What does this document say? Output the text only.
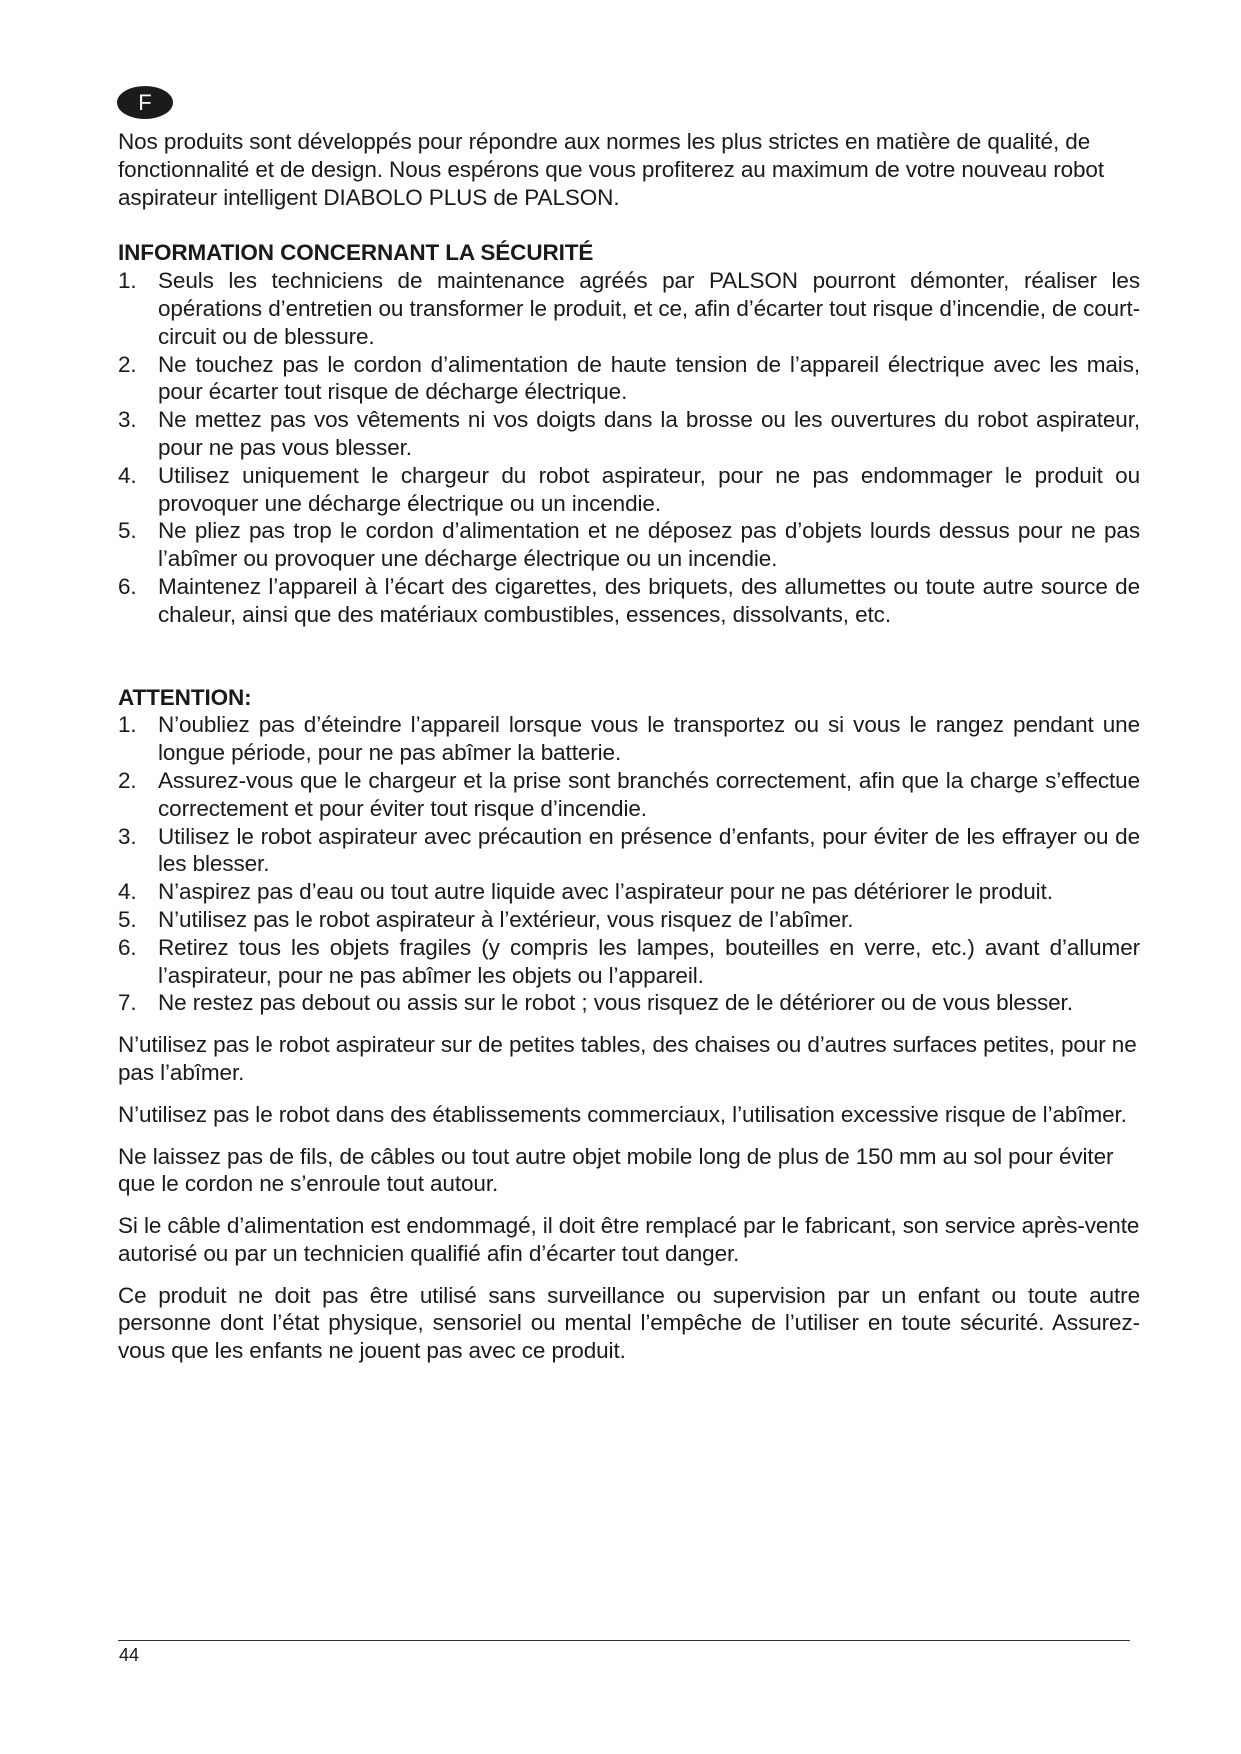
F

Nos produits sont développés pour répondre aux normes les plus strictes en matière de qualité, de fonctionnalité et de design. Nous espérons que vous profiterez au maximum de votre nouveau robot aspirateur intelligent DIABOLO PLUS de PALSON.

INFORMATION CONCERNANT LA SÉCURITÉ
1. Seuls les techniciens de maintenance agréés par PALSON pourront démonter, réaliser les opérations d’entretien ou transformer le produit, et ce, afin d’écarter tout risque d’incendie, de court-circuit ou de blessure.
2. Ne touchez pas le cordon d’alimentation de haute tension de l’appareil électrique avec les mais, pour écarter tout risque de décharge électrique.
3. Ne mettez pas vos vêtements ni vos doigts dans la brosse ou les ouvertures du robot aspirateur, pour ne pas vous blesser.
4. Utilisez uniquement le chargeur du robot aspirateur, pour ne pas endommager le produit ou provoquer une décharge électrique ou un incendie.
5. Ne pliez pas trop le cordon d’alimentation et ne déposez pas d’objets lourds dessus pour ne pas l’abîmer ou provoquer une décharge électrique ou un incendie.
6. Maintenez l’appareil à l’écart des cigarettes, des briquets, des allumettes ou toute autre source de chaleur, ainsi que des matériaux combustibles, essences, dissolvants, etc.
ATTENTION:
1. N’oubliez pas d’éteindre l’appareil lorsque vous le transportez ou si vous le rangez pendant une longue période, pour ne pas abîmer la batterie.
2. Assurez-vous que le chargeur et la prise sont branchés correctement, afin que la charge s’effectue correctement et pour éviter tout risque d’incendie.
3. Utilisez le robot aspirateur avec précaution en présence d’enfants, pour éviter de les effrayer ou de les blesser.
4. N’aspirez pas d’eau ou tout autre liquide avec l’aspirateur pour ne pas détériorer le produit.
5. N’utilisez pas le robot aspirateur à l’extérieur, vous risquez de l’abîmer.
6. Retirez tous les objets fragiles (y compris les lampes, bouteilles en verre, etc.) avant d’allumer l’aspirateur, pour ne pas abîmer les objets ou l’appareil.
7. Ne restez pas debout ou assis sur le robot ; vous risquez de le détériorer ou de vous blesser.

N’utilisez pas le robot aspirateur sur de petites tables, des chaises ou d’autres surfaces petites, pour ne pas l’abîmer.

N’utilisez pas le robot dans des établissements commerciaux, l’utilisation excessive risque de l’abîmer.

Ne laissez pas de fils, de câbles ou tout autre objet mobile long de plus de 150 mm au sol pour éviter que le cordon ne s’enroule tout autour.

Si le câble d’alimentation est endommagé, il doit être remplacé par le fabricant, son service après-vente autorisé ou par un technicien qualifié afin d’écarter tout danger.

Ce produit ne doit pas être utilisé sans surveillance ou supervision par un enfant ou toute autre personne dont l’état physique, sensoriel ou mental l’empêche de l’utiliser en toute sécurité. Assurez-vous que les enfants ne jouent pas avec ce produit.

44
